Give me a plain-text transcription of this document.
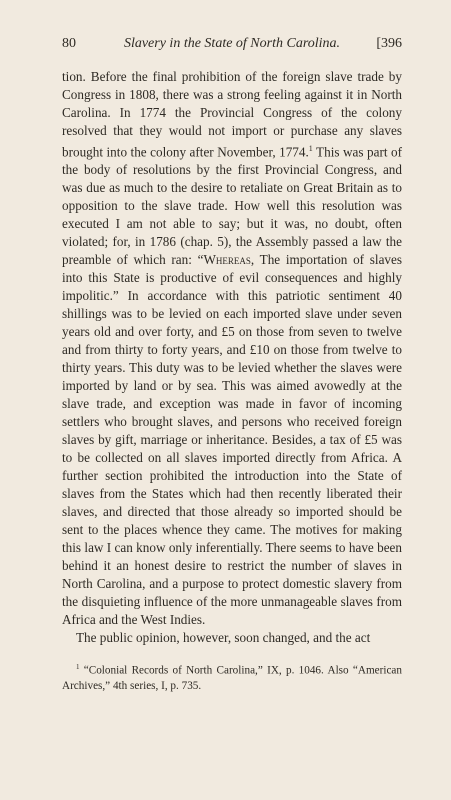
80	Slavery in the State of North Carolina.	[396

tion. Before the final prohibition of the foreign slave trade by Congress in 1808, there was a strong feeling against it in North Carolina. In 1774 the Provincial Congress of the colony resolved that they would not import or purchase any slaves brought into the colony after November, 1774.$^1$ This was part of the body of resolutions by the first Provincial Congress, and was due as much to the desire to retaliate on Great Britain as to opposition to the slave trade. How well this resolution was executed I am not able to say; but it was, no doubt, often violated; for, in 1786 (chap. 5), the Assembly passed a law the preamble of which ran: “Whereas, The importation of slaves into this State is productive of evil consequences and highly impolitic.” In accordance with this patriotic sentiment 40 shillings was to be levied on each imported slave under seven years old and over forty, and £5 on those from seven to twelve and from thirty to forty years, and £10 on those from twelve to thirty years. This duty was to be levied whether the slaves were imported by land or by sea. This was aimed avowedly at the slave trade, and exception was made in favor of incoming settlers who brought slaves, and persons who received foreign slaves by gift, marriage or inheritance. Besides, a tax of £5 was to be collected on all slaves imported directly from Africa. A further section prohibited the introduction into the State of slaves from the States which had then recently liberated their slaves, and directed that those already so imported should be sent to the places whence they came. The motives for making this law I can know only inferentially. There seems to have been behind it an honest desire to restrict the number of slaves in North Carolina, and a purpose to protect domestic slavery from the disquieting influence of the more unmanageable slaves from Africa and the West Indies.

The public opinion, however, soon changed, and the act

$^1$ “Colonial Records of North Carolina,” IX, p. 1046. Also “American Archives,” 4th series, I, p. 735.
